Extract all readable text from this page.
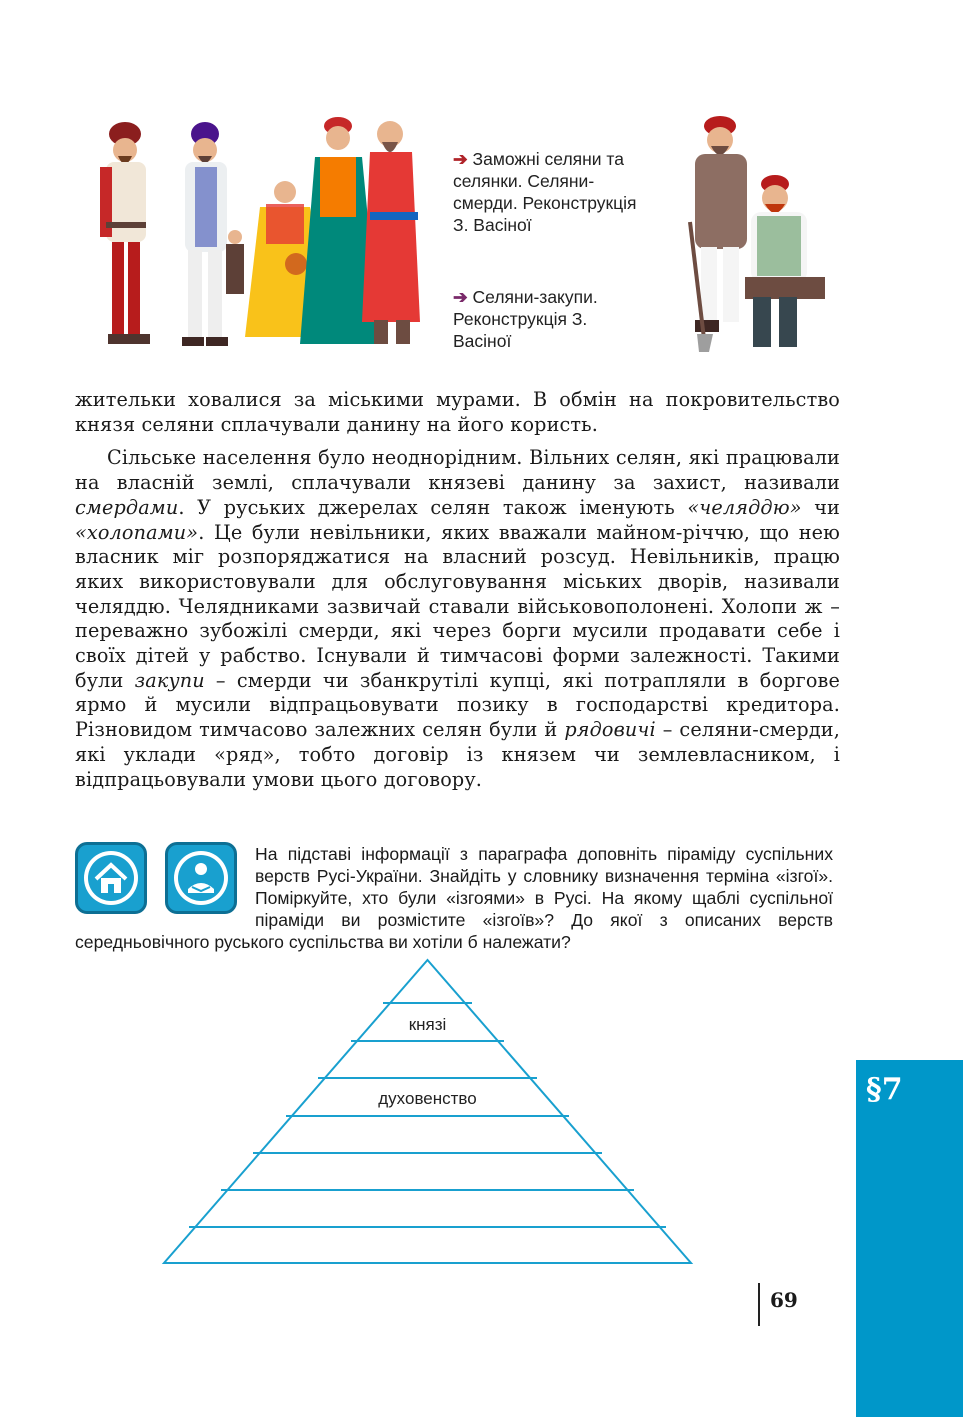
➔ Заможні селяни та селянки. Селяни-смерди. Реконструкція З. Васіної
➔ Селяни-закупи. Реконструкція З. Васіної

жительки ховалися за міськими мурами. В обмін на покровительство князя селяни сплачували данину на його користь.

Сільське населення було неоднорідним. Вільних селян, які працювали на власній землі, сплачували князеві данину за захист, називали смердами. У руських джерелах селян також іменують «челяддю» чи «холопами». Це були невільники, яких вважали майном-річчю, що нею власник міг розпоряджатися на власний розсуд. Невільників, працю яких використовували для обслуговування міських дворів, називали челяддю. Челядниками зазвичай ставали військовополонені. Холопи ж – переважно зубожілі смерди, які через борги мусили продавати себе і своїх дітей у рабство. Існували й тимчасові форми залежності. Такими були закупи – смерди чи збанкрутілі купці, які потрапляли в боргове ярмо й мусили відпрацьовувати позику в господарстві кредитора. Різновидом тимчасово залежних селян були й рядовичі – селяни-смерди, які уклади «ряд», тобто договір із князем чи землевласником, і відпрацьовували умови цього договору.

На підставі інформації з параграфа доповніть піраміду суспільних верств Русі-України. Знайдіть у словнику визначення терміна «ізгої». Поміркуйте, хто були «ізгоями» в Русі. На якому щаблі суспільної піраміди ви розмістите «ізгоїв»? До якої з описаних верств середньовічного руського суспільства ви хотіли б належати?
князі
духовенство	§7
69
